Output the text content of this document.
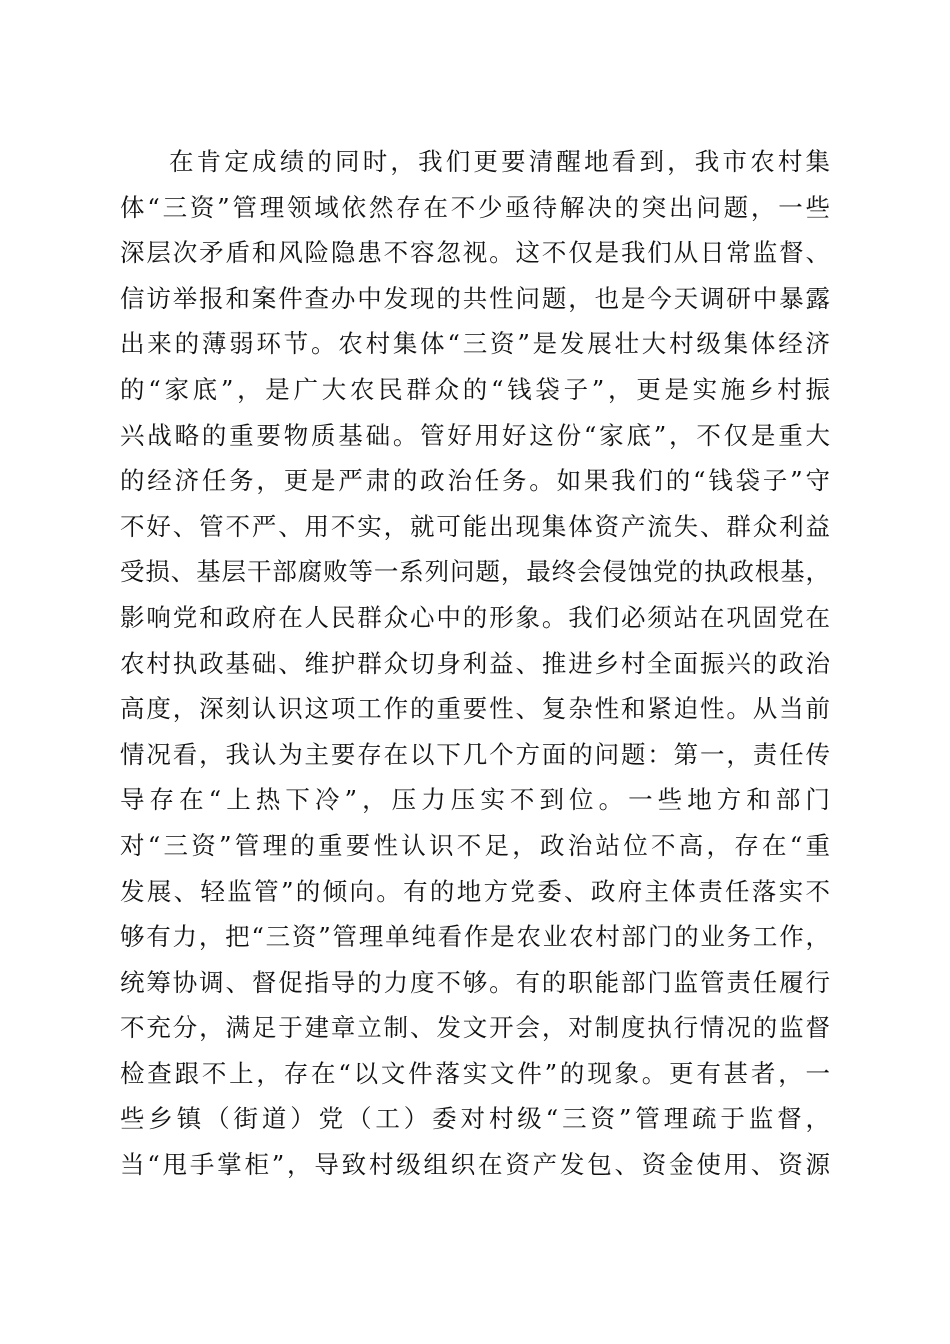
在肯定成绩的同时，我们更要清醒地看到，我市农村集
体“三资”管理领域依然存在不少亟待解决的突出问题，一些
深层次矛盾和风险隐患不容忽视。这不仅是我们从日常监督、
信访举报和案件查办中发现的共性问题，也是今天调研中暴露
出来的薄弱环节。农村集体“三资”是发展壮大村级集体经济
的“家底”，是广大农民群众的“钱袋子”，更是实施乡村振
兴战略的重要物质基础。管好用好这份“家底”，不仅是重大
的经济任务，更是严肃的政治任务。如果我们的“钱袋子”守
不好、管不严、用不实，就可能出现集体资产流失、群众利益
受损、基层干部腐败等一系列问题，最终会侵蚀党的执政根基，
影响党和政府在人民群众心中的形象。我们必须站在巩固党在
农村执政基础、维护群众切身利益、推进乡村全面振兴的政治
高度，深刻认识这项工作的重要性、复杂性和紧迫性。从当前
情况看，我认为主要存在以下几个方面的问题：第一，责任传
导存在“上热下冷”，压力压实不到位。一些地方和部门
对“三资”管理的重要性认识不足，政治站位不高，存在“重
发展、轻监管”的倾向。有的地方党委、政府主体责任落实不
够有力，把“三资”管理单纯看作是农业农村部门的业务工作，
统筹协调、督促指导的力度不够。有的职能部门监管责任履行
不充分，满足于建章立制、发文开会，对制度执行情况的监督
检查跟不上，存在“以文件落实文件”的现象。更有甚者，一
些乡镇（街道）党（工）委对村级“三资”管理疏于监督，
当“甩手掌柜”，导致村级组织在资产发包、资金使用、资源
